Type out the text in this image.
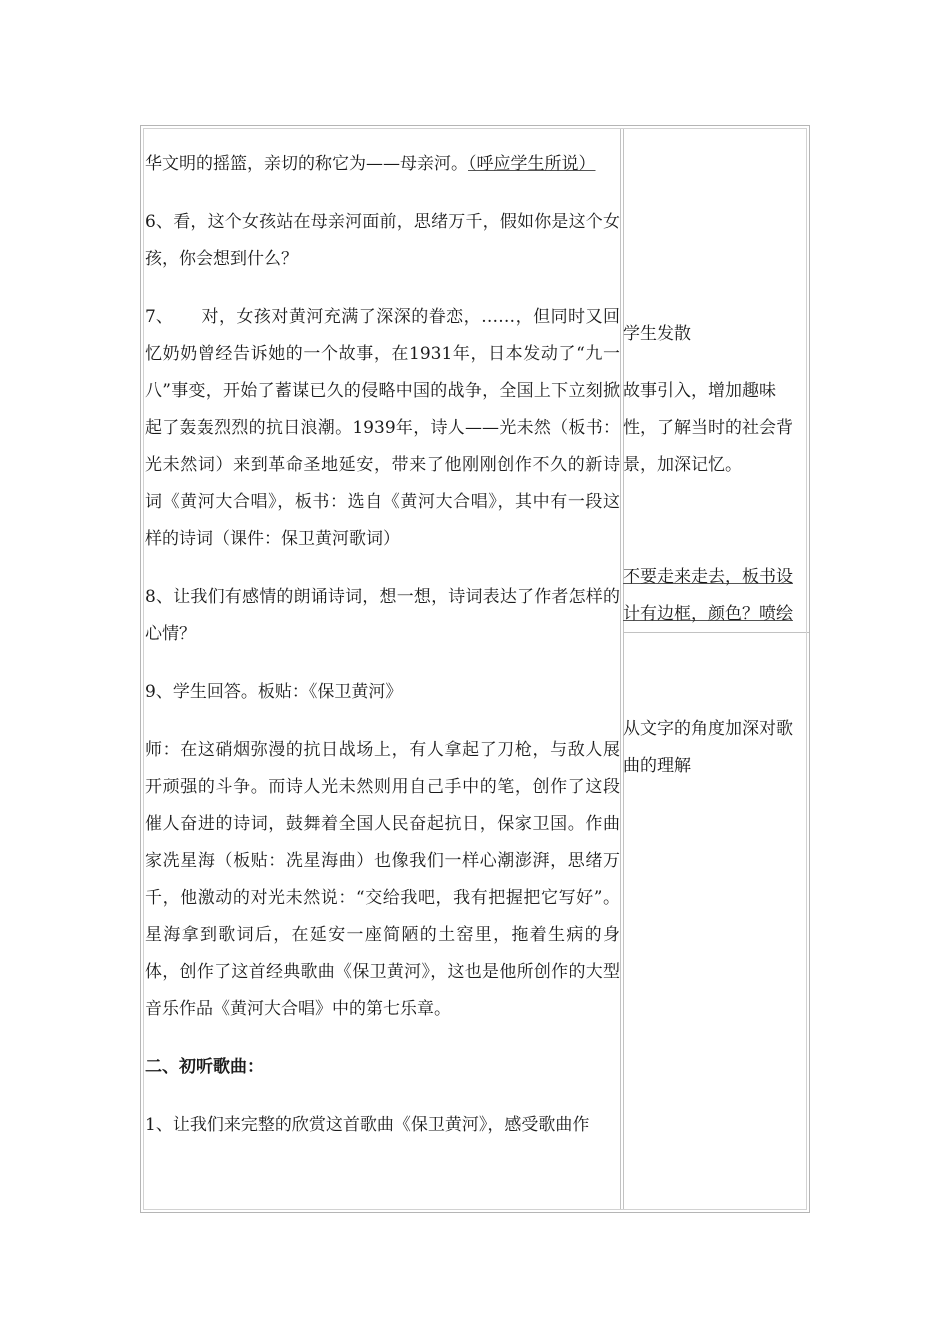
华文明的摇篮，亲切的称它为——母亲河。（呼应学生所说）

6、看，这个女孩站在母亲河面前，思绪万千，假如你是这个女孩，你会想到什么？

7、 对，女孩对黄河充满了深深的眷恋，……，但同时又回忆奶奶曾经告诉她的一个故事，在1931年，日本发动了“九一八”事变，开始了蓄谋已久的侵略中国的战争，全国上下立刻掀起了轰轰烈烈的抗日浪潮。1939年，诗人——光未然（板书：光未然词）来到革命圣地延安，带来了他刚刚创作不久的新诗词《黄河大合唱》，板书：选自《黄河大合唱》，其中有一段这样的诗词（课件：保卫黄河歌词）

8、让我们有感情的朗诵诗词，想一想，诗词表达了作者怎样的心情？

9、学生回答。板贴：《保卫黄河》

师：在这硝烟弥漫的抗日战场上，有人拿起了刀枪，与敌人展开顽强的斗争。而诗人光未然则用自己手中的笔，创作了这段催人奋进的诗词，鼓舞着全国人民奋起抗日，保家卫国。作曲家冼星海（板贴：冼星海曲）也像我们一样心潮澎湃，思绪万千，他激动的对光未然说：“交给我吧，我有把握把它写好”。星海拿到歌词后，在延安一座简陋的土窑里，拖着生病的身体，创作了这首经典歌曲《保卫黄河》，这也是他所创作的大型音乐作品《黄河大合唱》中的第七乐章。

二、初听歌曲：

1、让我们来完整的欣赏这首歌曲《保卫黄河》，感受歌曲作

学生发散

故事引入，增加趣味性，了解当时的社会背景，加深记忆。

不要走来走去，板书设计有边框，颜色？喷绘

从文字的角度加深对歌曲的理解
